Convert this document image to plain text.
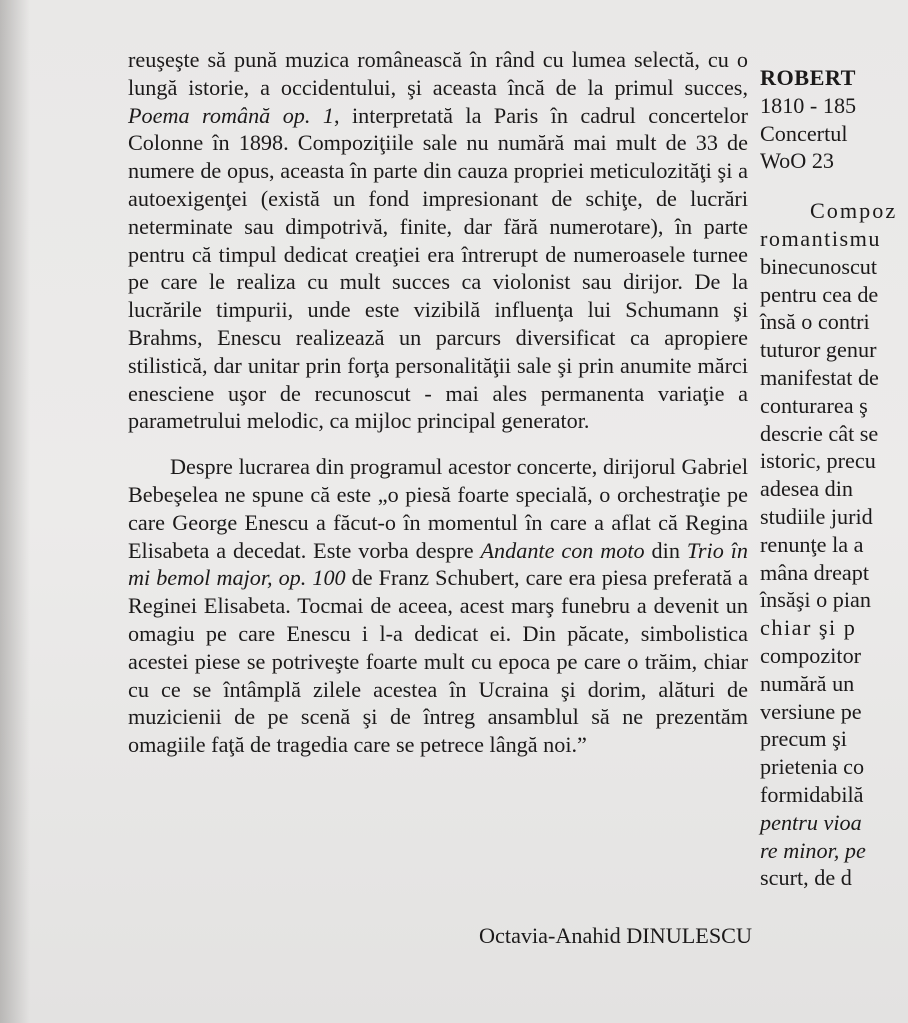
reuşeşte să pună muzica românească în rând cu lumea selectă, cu o lungă istorie, a occidentului, şi aceasta încă de la primul succes, Poema română op. 1, interpretată la Paris în cadrul concertelor Colonne în 1898. Compoziţiile sale nu numără mai mult de 33 de numere de opus, aceasta în parte din cauza propriei meticulozităţi şi a autoexigenţei (există un fond impresionant de schiţe, de lucrări neterminate sau dimpotrivă, finite, dar fără numerotare), în parte pentru că timpul dedicat creaţiei era întrerupt de numeroasele turnee pe care le realiza cu mult succes ca violonist sau dirijor. De la lucrările timpurii, unde este vizibilă influenţa lui Schumann şi Brahms, Enescu realizează un parcurs diversificat ca apropiere stilistică, dar unitar prin forţa personalităţii sale şi prin anumite mărci enesciene uşor de recunoscut - mai ales permanenta variaţie a parametrului melodic, ca mijloc principal generator.

Despre lucrarea din programul acestor concerte, dirijorul Gabriel Bebeşelea ne spune că este „o piesă foarte specială, o orchestraţie pe care George Enescu a făcut-o în momentul în care a aflat că Regina Elisabeta a decedat. Este vorba despre Andante con moto din Trio în mi bemol major, op. 100 de Franz Schubert, care era piesa preferată a Reginei Elisabeta. Tocmai de aceea, acest marş funebru a devenit un omagiu pe care Enescu i l-a dedicat ei. Din păcate, simbolistica acestei piese se potriveşte foarte mult cu epoca pe care o trăim, chiar cu ce se întâmplă zilele acestea în Ucraina şi dorim, alături de muzicienii de pe scenă şi de întreg ansamblul să ne prezentăm omagiile faţă de tragedia care se petrece lângă noi.”

Octavia-Anahid DINULESCU
ROBERT
1810 - 185
Concertul
WoO 23
Compoz
romantismu
binecunoscut
pentru cea de
însă o contri
tuturor genur
manifestat de
conturarea ş
descrie cât se
istoric, precu
adesea din
studiile jurid
renunţe la a
mâna dreapt
însăşi o pian
chiar şi p
compozitor
numără un
versiune pe
precum şi
prietenia co
formidabilă
pentru vioa
re minor, pe
scurt, de d
